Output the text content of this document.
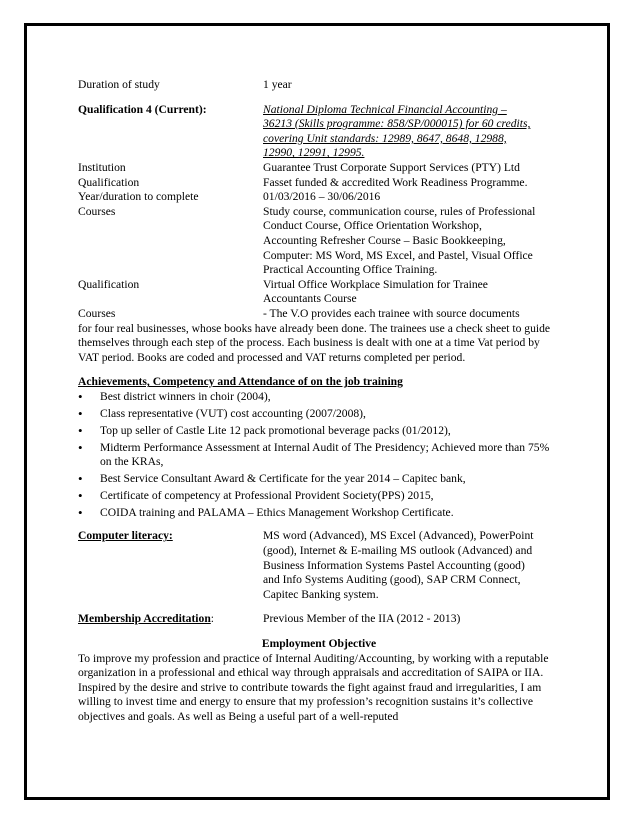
Duration of study	1 year
Qualification 4 (Current):	National Diploma Technical Financial Accounting –
36213 (Skills programme: 858/SP/000015) for 60 credits,
covering Unit standards: 12989, 8647, 8648, 12988,
12990, 12991, 12995.
Institution	Guarantee Trust Corporate Support Services (PTY) Ltd
Qualification	Fasset funded & accredited Work Readiness Programme.
Year/duration to complete	01/03/2016 – 30/06/2016
Courses	Study course, communication course, rules of Professional
Conduct Course, Office Orientation Workshop,
Accounting Refresher Course – Basic Bookkeeping,
Computer: MS Word, MS Excel, and Pastel, Visual Office
Practical Accounting Office Training.
Qualification	Virtual Office Workplace Simulation for Trainee
Accountants Course
Courses	- The V.O provides each trainee with source documents

for four real businesses, whose books have already been done. The trainees use a check sheet to guide themselves through each step of the process. Each business is dealt with one at a time Vat period by VAT period. Books are coded and processed and VAT returns completed per period.

Achievements, Competency and Attendance of on the job training
•	Best district winners in choir (2004),
•	Class representative (VUT) cost accounting (2007/2008),
•	Top up seller of Castle Lite 12 pack promotional beverage packs (01/2012),
•	Midterm Performance Assessment at Internal Audit of The Presidency; Achieved more than 75% on the KRAs,
•	Best Service Consultant Award & Certificate for the year 2014 – Capitec bank,
•	Certificate of competency at Professional Provident Society(PPS) 2015,
•	COIDA training and PALAMA – Ethics Management Workshop Certificate.
Computer literacy:	MS word (Advanced), MS Excel (Advanced), PowerPoint
(good), Internet & E-mailing MS outlook (Advanced) and
Business Information Systems Pastel Accounting (good)
and Info Systems Auditing (good), SAP CRM Connect,
Capitec Banking system.
Membership Accreditation:	Previous Member of the IIA (2012 - 2013)
Employment Objective

To improve my profession and practice of Internal Auditing/Accounting, by working with a reputable organization in a professional and ethical way through appraisals and accreditation of SAIPA or IIA. Inspired by the desire and strive to contribute towards the fight against fraud and irregularities, I am willing to invest time and energy to ensure that my profession’s recognition sustains it’s collective objectives and goals. As well as Being a useful part of a well-reputed
